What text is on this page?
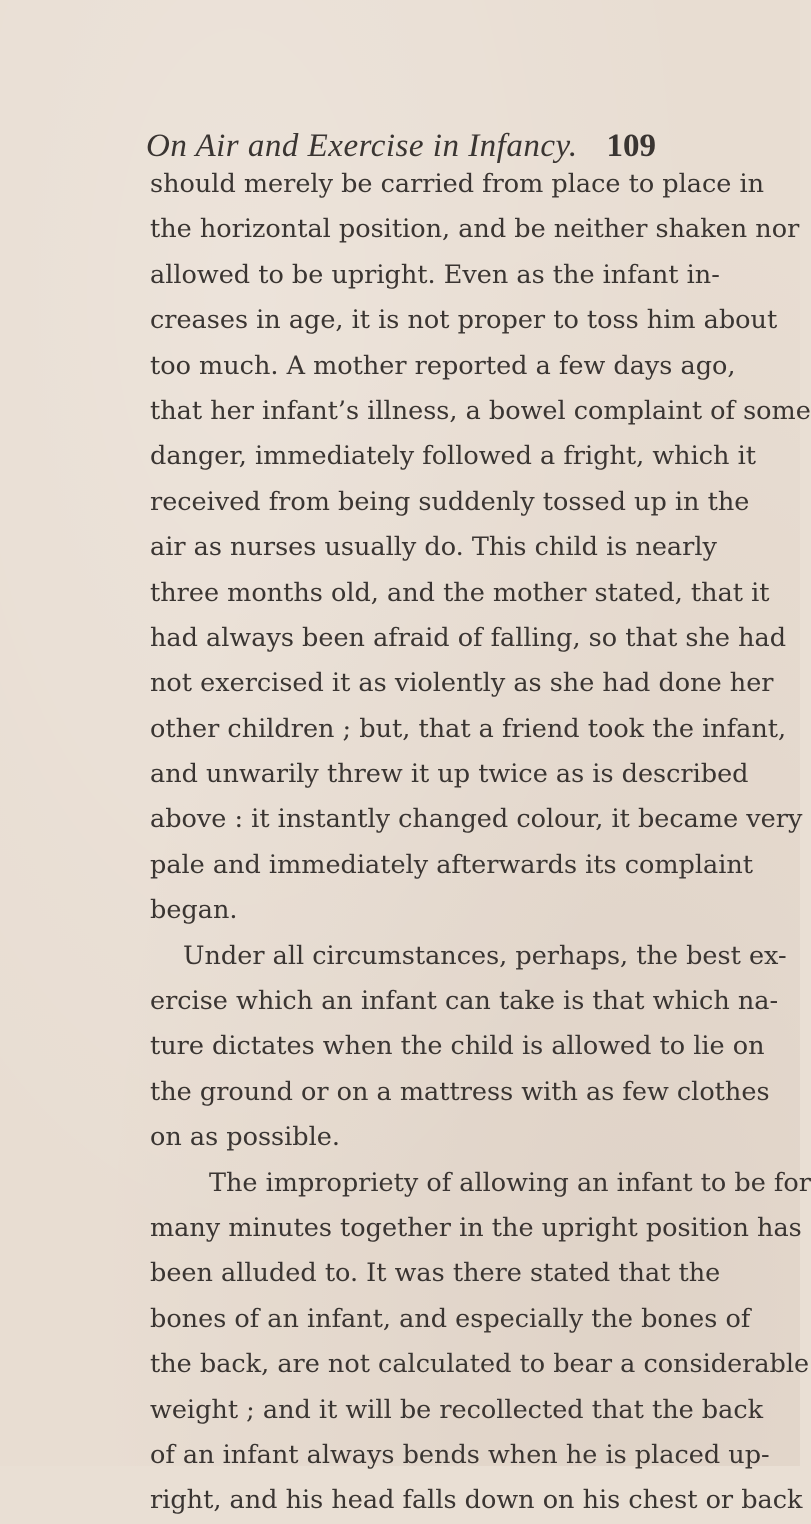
On Air and Exercise in Infancy. 109
should merely be carried from place to place in
the horizontal position, and be neither shaken nor
allowed to be upright. Even as the infant in-
creases in age, it is not proper to toss him about
too much. A mother reported a few days ago,
that her infant’s illness, a bowel complaint of some
danger, immediately followed a fright, which it
received from being suddenly tossed up in the
air as nurses usually do. This child is nearly
three months old, and the mother stated, that it
had always been afraid of falling, so that she had
not exercised it as violently as she had done her
other children ; but, that a friend took the infant,
and unwarily threw it up twice as is described
above : it instantly changed colour, it became very
pale and immediately afterwards its complaint
began.
Under all circumstances, perhaps, the best ex-
ercise which an infant can take is that which na-
ture dictates when the child is allowed to lie on
the ground or on a mattress with as few clothes
on as possible.
The impropriety of allowing an infant to be for
many minutes together in the upright position has
been alluded to. It was there stated that the
bones of an infant, and especially the bones of
the back, are not calculated to bear a considerable
weight ; and it will be recollected that the back
of an infant always bends when he is placed up-
right, and his head falls down on his chest or back
